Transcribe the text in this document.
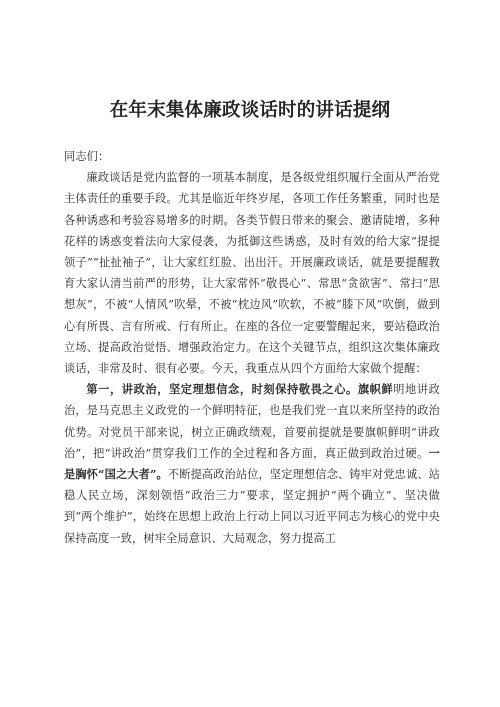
在年末集体廉政谈话时的讲话提纲

同志们：

廉政谈话是党内监督的一项基本制度，是各级党组织履行全面从严治党主体责任的重要手段。尤其是临近年终岁尾，各项工作任务繁重，同时也是各种诱惑和考验容易增多的时期。各类节假日带来的聚会、邀请陡增，多种花样的诱惑变着法向大家侵袭，为抵御这些诱惑，及时有效的给大家“提提领子”“扯扯袖子”，让大家红红脸、出出汗。开展廉政谈话，就是要提醒教育大家认清当前严的形势，让大家常怀“敬畏心”、常思“贪欲害”、常扫“思想灰”，不被“人情风”吹晕，不被“枕边风”吹软，不被“膝下风”吹倒，做到心有所畏、言有所戒、行有所止。在座的各位一定要警醒起来，要站稳政治立场、提高政治觉悟、增强政治定力。在这个关键节点，组织这次集体廉政谈话，非常及时、很有必要。今天，我重点从四个方面给大家做个提醒：

第一，讲政治，坚定理想信念，时刻保持敬畏之心。旗帜鲜明地讲政治，是马克思主义政党的一个鲜明特征，也是我们党一直以来所坚持的政治优势。对党员干部来说，树立正确政绩观，首要前提就是要旗帜鲜明“讲政治”，把“讲政治”贯穿我们工作的全过程和各方面，真正做到政治过硬。一是胸怀“国之大者”。不断提高政治站位，坚定理想信念、铸牢对党忠诚、站稳人民立场，深刻领悟“政治三力”要求，坚定拥护“两个确立”、坚决做到“两个维护”，始终在思想上政治上行动上同以习近平同志为核心的党中央保持高度一致，树牢全局意识、大局观念，努力提高工
